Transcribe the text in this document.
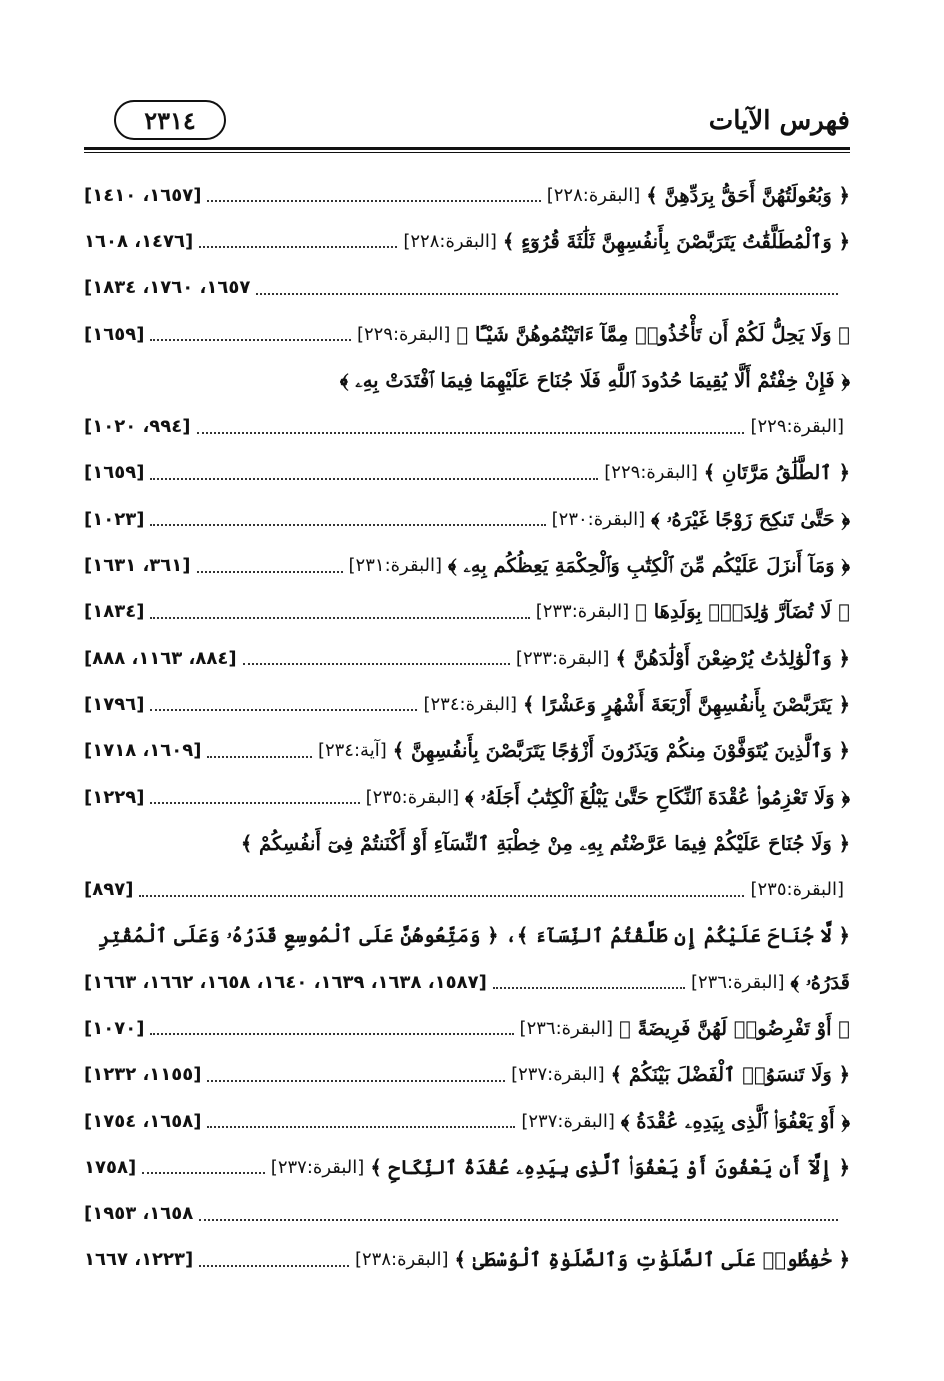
فهرس الآيات
٢٣١٤
﴿ وَبُعُولَتُهُنَّ أَحَقُّ بِرَدِّهِنَّ ﴾
[البقرة:٢٢٨]
[١٦٥٧، ١٤١٠]
﴿ وَٱلْمُطَلَّقَٰتُ يَتَرَبَّصْنَ بِأَنفُسِهِنَّ ثَلَٰثَةَ قُرُوٓءٍ ﴾
[البقرة:٢٢٨]
[١٤٧٦، ١٦٠٨
١٦٥٧، ١٧٦٠، ١٨٣٤]
﴿ وَلَا يَحِلُّ لَكُمْ أَن تَأْخُذُوا۟ مِمَّآ ءَاتَيْتُمُوهُنَّ شَيْـًٔا ﴾
[البقرة:٢٢٩]
[١٦٥٩]
﴿ فَإِنْ خِفْتُمْ أَلَّا يُقِيمَا حُدُودَ ٱللَّهِ فَلَا جُنَاحَ عَلَيْهِمَا فِيمَا ٱفْتَدَتْ بِهِۦ ﴾
[البقرة:٢٢٩]
[٩٩٤، ١٠٢٠]
﴿ ٱلطَّلَٰقُ مَرَّتَانِ ﴾
[البقرة:٢٢٩]
[١٦٥٩]
﴿ حَتَّىٰ تَنكِحَ زَوْجًا غَيْرَهُۥ ﴾
[البقرة:٢٣٠]
[١٠٢٣]
﴿ وَمَآ أَنزَلَ عَلَيْكُم مِّنَ ٱلْكِتَٰبِ وَٱلْحِكْمَةِ يَعِظُكُم بِهِۦ ﴾
[البقرة:٢٣١]
[٣٦١، ١٦٣١]
﴿ لَا تُضَآرَّ وَٰلِدَةٌۢ بِوَلَدِهَا ﴾
[البقرة:٢٣٣]
[١٨٣٤]
﴿ وَٱلْوَٰلِدَٰتُ يُرْضِعْنَ أَوْلَٰدَهُنَّ ﴾
[البقرة:٢٣٣]
[٨٨٤، ١١٦٣، ٨٨٨]
﴿ يَتَرَبَّصْنَ بِأَنفُسِهِنَّ أَرْبَعَةَ أَشْهُرٍ وَعَشْرًا ﴾
[البقرة:٢٣٤]
[١٧٩٦]
﴿ وَٱلَّذِينَ يُتَوَفَّوْنَ مِنكُمْ وَيَذَرُونَ أَزْوَٰجًا يَتَرَبَّصْنَ بِأَنفُسِهِنَّ ﴾
[آية:٢٣٤]
[١٦٠٩، ١٧١٨]
﴿ وَلَا تَعْزِمُوا۟ عُقْدَةَ ٱلنِّكَاحِ حَتَّىٰ يَبْلُغَ ٱلْكِتَٰبُ أَجَلَهُۥ ﴾
[البقرة:٢٣٥]
[١٢٢٩]
﴿ وَلَا جُنَاحَ عَلَيْكُمْ فِيمَا عَرَّضْتُم بِهِۦ مِنْ خِطْبَةِ ٱلنِّسَآءِ أَوْ أَكْنَنتُمْ فِىٓ أَنفُسِكُمْ ﴾
[البقرة:٢٣٥]
[٨٩٧]
﴿ لَّا جُنَاحَ عَلَيْكُمْ إِن طَلَّقْتُمُ ٱلنِّسَآءَ ﴾، ﴿ وَمَتِّعُوهُنَّ عَلَى ٱلْمُوسِعِ قَدَرُهُۥ وَعَلَى ٱلْمُقْتِرِ
قَدَرُهُۥ ﴾
[البقرة:٢٣٦]
[١٥٨٧، ١٦٣٨، ١٦٣٩، ١٦٤٠، ١٦٥٨، ١٦٦٢، ١٦٦٣]
﴿ أَوْ تَفْرِضُوا۟ لَهُنَّ فَرِيضَةً ﴾
[البقرة:٢٣٦]
[١٠٧٠]
﴿ وَلَا تَنسَوُا۟ ٱلْفَضْلَ بَيْنَكُمْ ﴾
[البقرة:٢٣٧]
[١١٥٥، ١٢٣٢]
﴿ أَوْ يَعْفُوَا۟ ٱلَّذِى بِيَدِهِۦ عُقْدَةُ ﴾
[البقرة:٢٣٧]
[١٦٥٨، ١٧٥٤]
﴿ إِلَّآ أَن يَعْفُونَ أَوْ يَعْفُوَا۟ ٱلَّذِى بِيَدِهِۦ عُقْدَةُ ٱلنِّكَاحِ ﴾
[البقرة:٢٣٧]
[١٧٥٨
١٦٥٨، ١٩٥٣]
﴿ حَٰفِظُوا۟ عَلَى ٱلصَّلَوَٰتِ وَٱلصَّلَوٰةِ ٱلْوُسْطَىٰ ﴾
[البقرة:٢٣٨]
[١٢٢٣، ١٦٦٧
